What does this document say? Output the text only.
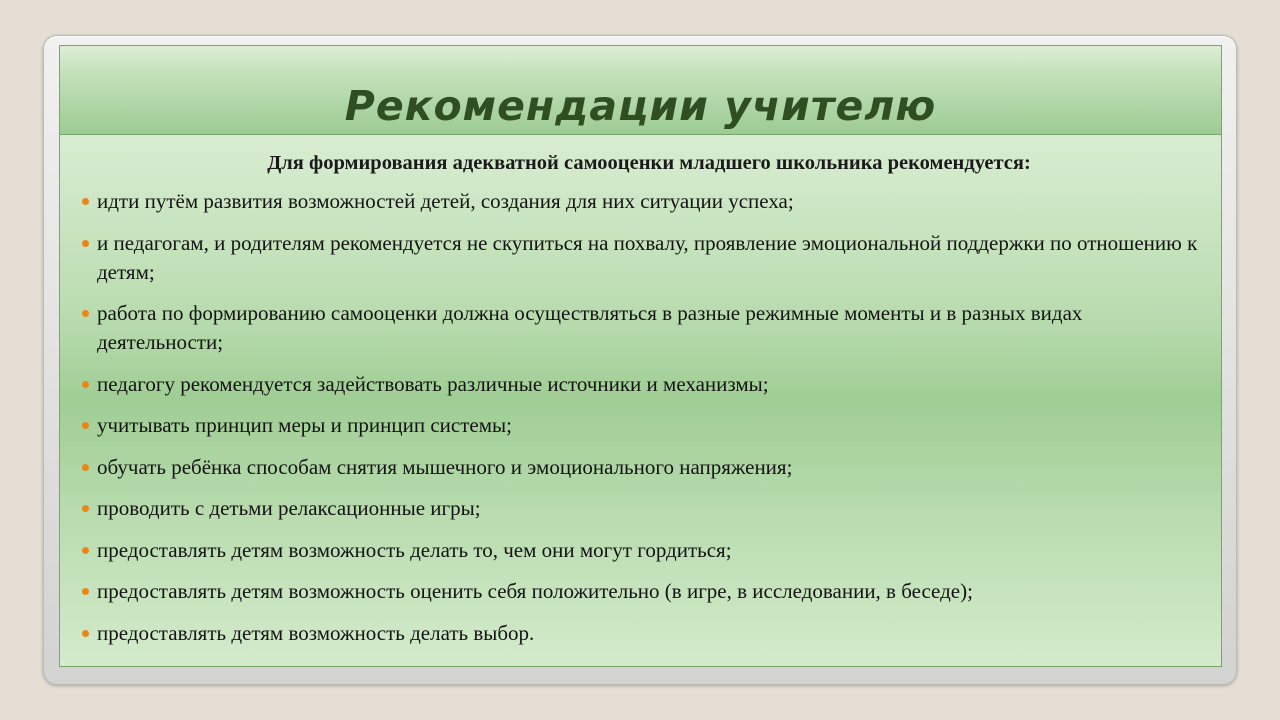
Рекомендации учителю

Для формирования адекватной самооценки младшего школьника рекомендуется:

идти путём развития возможностей детей, создания для них ситуации успеха;
и педагогам, и родителям рекомендуется не скупиться на похвалу, проявление эмоциональной поддержки по отношению к детям;
работа по формированию самооценки должна осуществляться в разные режимные моменты и в разных видах деятельности;
педагогу рекомендуется задействовать различные источники и механизмы;
учитывать принцип меры и принцип системы;
обучать ребёнка способам снятия мышечного и эмоционального напряжения;
проводить с детьми релаксационные игры;
предоставлять детям возможность делать то, чем они могут гордиться;
предоставлять детям возможность оценить себя положительно (в игре, в исследовании, в беседе);
предоставлять детям возможность делать выбор.
